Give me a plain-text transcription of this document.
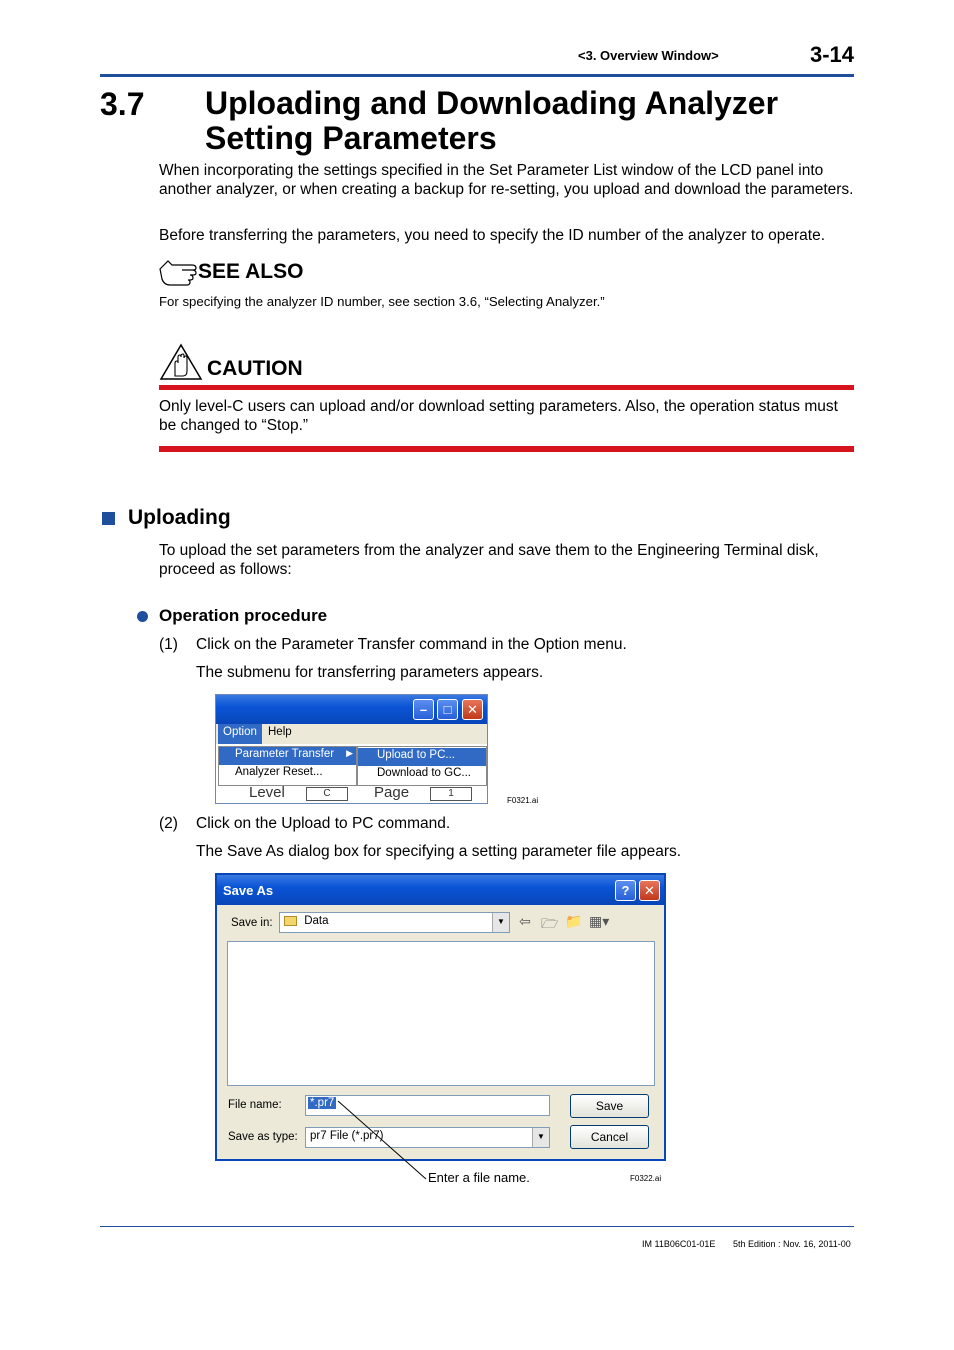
<3. Overview Window>	3-14
3.7 Uploading and Downloading Analyzer Setting Parameters
When incorporating the settings specified in the Set Parameter List window of the LCD panel into another analyzer, or when creating a backup for re-setting, you upload and download the parameters.
Before transferring the parameters, you need to specify the ID number of the analyzer to operate.
SEE ALSO
For specifying the analyzer ID number, see section 3.6, “Selecting Analyzer.”
CAUTION
Only level-C users can upload and/or download setting parameters. Also, the operation status must be changed to “Stop.”
Uploading
To upload the set parameters from the analyzer and save them to the Engineering Terminal disk, proceed as follows:
Operation procedure
(1) Click on the Parameter Transfer command in the Option menu.
The submenu for transferring parameters appears.
–	□	✕
Option Help
Parameter Transfer ▶
Analyzer Reset...
Upload to PC...
Download to GC...
Level	C	Page	1
F0321.ai
(2) Click on the Upload to PC command.
The Save As dialog box for specifying a setting parameter file appears.
Save As	?	✕
Save in:	Data	▼ ⇦ 🗁 📁 ▦▾
File name:	*.pr7
Save as type:	pr7 File (*.pr7)	▼
Save
Cancel
Enter a file name.	F0322.ai
IM 11B06C01-01E 5th Edition : Nov. 16, 2011-00
